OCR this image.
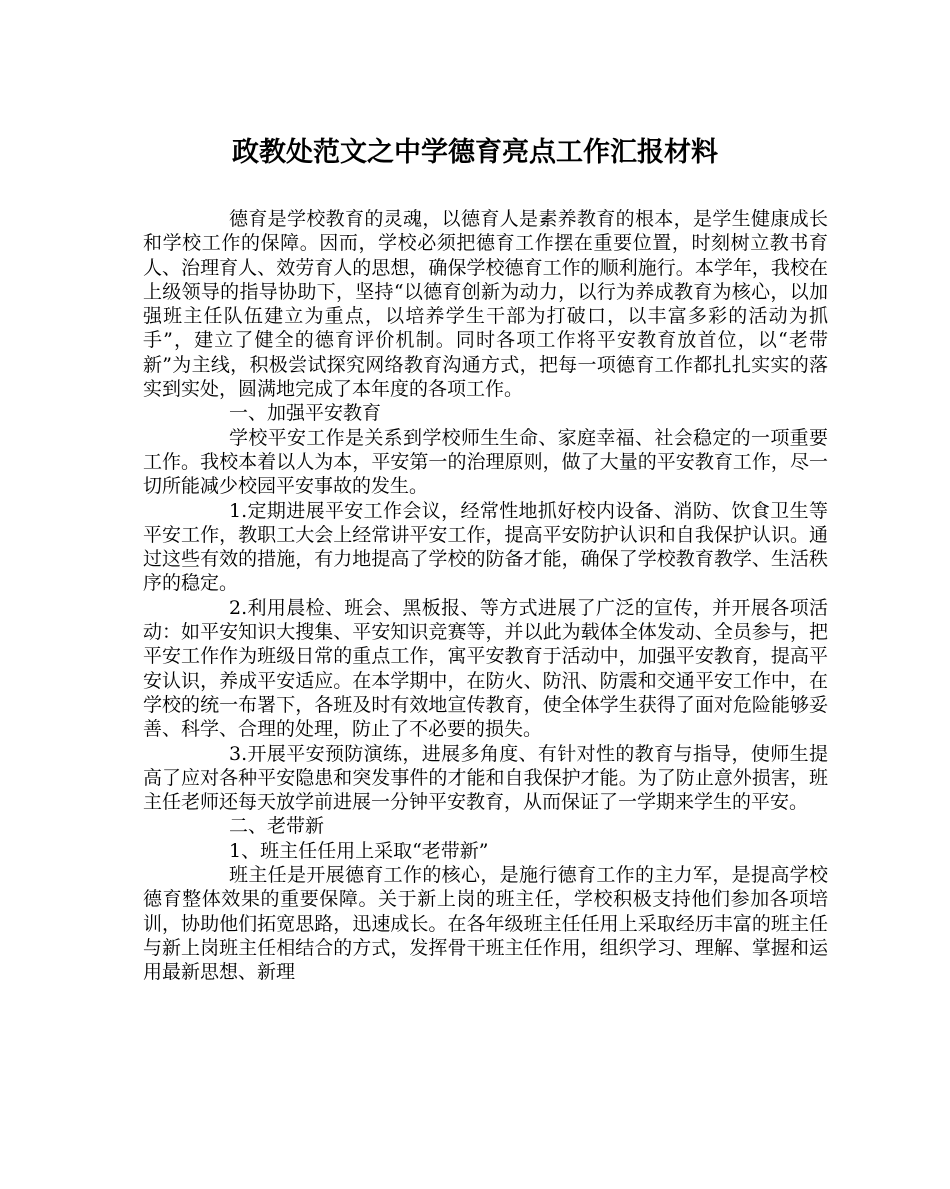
政教处范文之中学德育亮点工作汇报材料

德育是学校教育的灵魂，以德育人是素养教育的根本，是学生健康成长和学校工作的保障。因而，学校必须把德育工作摆在重要位置，时刻树立教书育人、治理育人、效劳育人的思想，确保学校德育工作的顺利施行。本学年，我校在上级领导的指导协助下，坚持“以德育创新为动力，以行为养成教育为核心，以加强班主任队伍建立为重点，以培养学生干部为打破口，以丰富多彩的活动为抓手”，建立了健全的德育评价机制。同时各项工作将平安教育放首位，以“老带新”为主线，积极尝试探究网络教育沟通方式，把每一项德育工作都扎扎实实的落实到实处，圆满地完成了本年度的各项工作。

一、加强平安教育

学校平安工作是关系到学校师生生命、家庭幸福、社会稳定的一项重要工作。我校本着以人为本，平安第一的治理原则，做了大量的平安教育工作，尽一切所能减少校园平安事故的发生。

1.定期进展平安工作会议，经常性地抓好校内设备、消防、饮食卫生等平安工作，教职工大会上经常讲平安工作，提高平安防护认识和自我保护认识。通过这些有效的措施，有力地提高了学校的防备才能，确保了学校教育教学、生活秩序的稳定。

2.利用晨检、班会、黑板报、等方式进展了广泛的宣传，并开展各项活动：如平安知识大搜集、平安知识竞赛等，并以此为载体全体发动、全员参与，把平安工作作为班级日常的重点工作，寓平安教育于活动中，加强平安教育，提高平安认识，养成平安适应。在本学期中，在防火、防汛、防震和交通平安工作中，在学校的统一布署下，各班及时有效地宣传教育，使全体学生获得了面对危险能够妥善、科学、合理的处理，防止了不必要的损失。

3.开展平安预防演练，进展多角度、有针对性的教育与指导，使师生提高了应对各种平安隐患和突发事件的才能和自我保护才能。为了防止意外损害，班主任老师还每天放学前进展一分钟平安教育，从而保证了一学期来学生的平安。

二、老带新

1、班主任任用上采取“老带新”

班主任是开展德育工作的核心，是施行德育工作的主力军，是提高学校德育整体效果的重要保障。关于新上岗的班主任，学校积极支持他们参加各项培训，协助他们拓宽思路，迅速成长。在各年级班主任任用上采取经历丰富的班主任与新上岗班主任相结合的方式，发挥骨干班主任作用，组织学习、理解、掌握和运用最新思想、新理
